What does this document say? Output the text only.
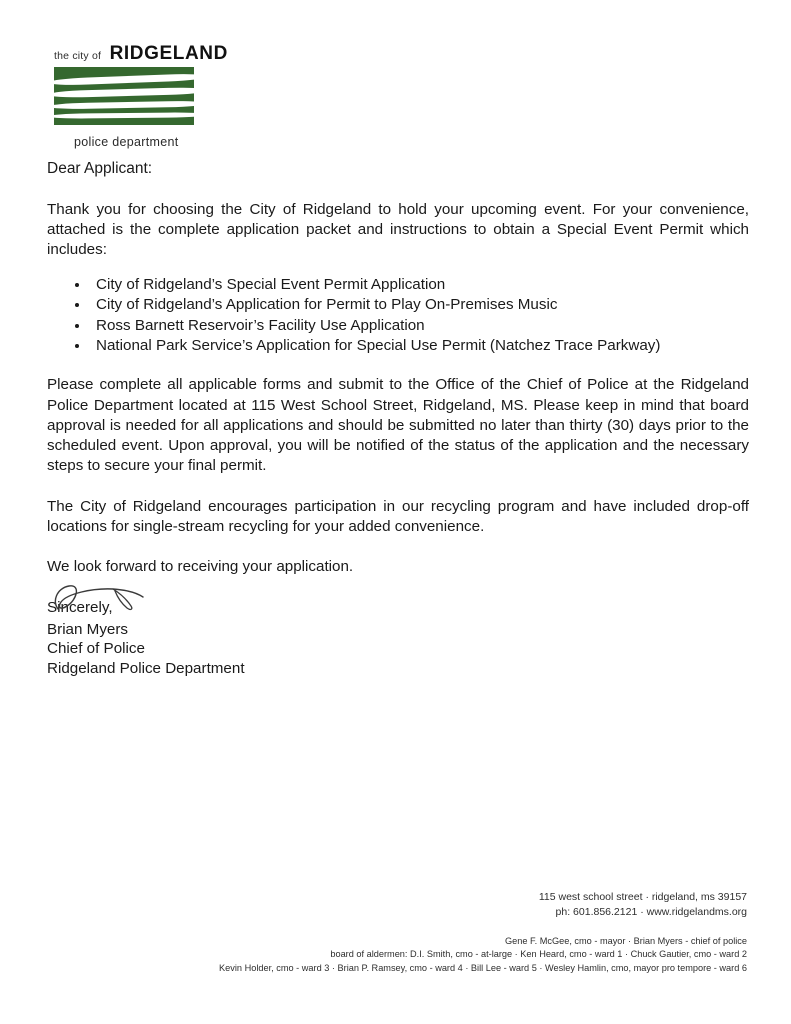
the city of RIDGELAND
police department
Dear Applicant:

Thank you for choosing the City of Ridgeland to hold your upcoming event. For your convenience, attached is the complete application packet and instructions to obtain a Special Event Permit which includes:

• City of Ridgeland’s Special Event Permit Application
• City of Ridgeland’s Application for Permit to Play On-Premises Music
• Ross Barnett Reservoir’s Facility Use Application
• National Park Service’s Application for Special Use Permit (Natchez Trace Parkway)

Please complete all applicable forms and submit to the Office of the Chief of Police at the Ridgeland Police Department located at 115 West School Street, Ridgeland, MS. Please keep in mind that board approval is needed for all applications and should be submitted no later than thirty (30) days prior to the scheduled event. Upon approval, you will be notified of the status of the application and the necessary steps to secure your final permit.

The City of Ridgeland encourages participation in our recycling program and have included drop-off locations for single-stream recycling for your added convenience.

We look forward to receiving your application.

Sincerely,
Brian Myers
Chief of Police
Ridgeland Police Department
115 west school street · ridgeland, ms 39157
ph: 601.856.2121 · www.ridgelandms.org
Gene F. McGee, cmo - mayor · Brian Myers - chief of police
board of aldermen: D.I. Smith, cmo - at-large · Ken Heard, cmo - ward 1 · Chuck Gautier, cmo - ward 2
Kevin Holder, cmo - ward 3 · Brian P. Ramsey, cmo - ward 4 · Bill Lee - ward 5 · Wesley Hamlin, cmo, mayor pro tempore - ward 6
